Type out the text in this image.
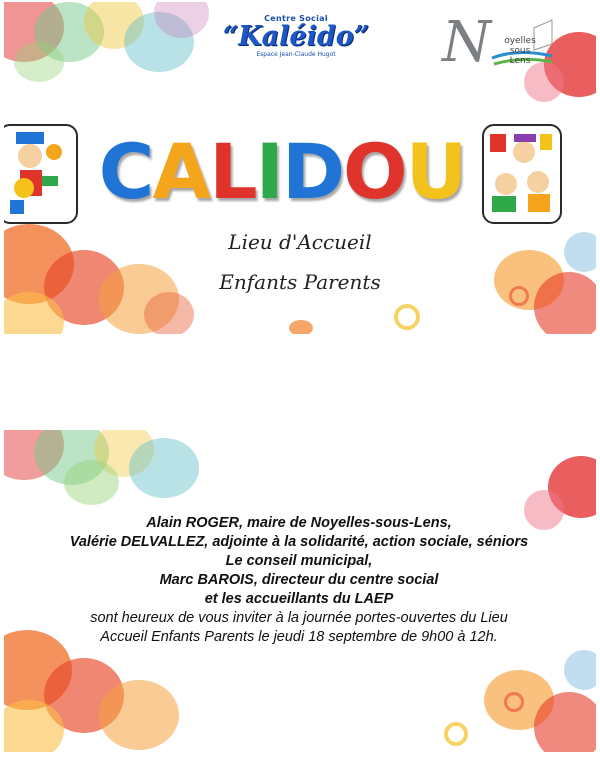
Centre Social
“Kaléido”
Espace Jean-Claude Hugot	N	oyelles
sous
Lens
CALIDOU
Lieu d'Accueil
Enfants Parents
Alain ROGER, maire de Noyelles-sous-Lens,
Valérie DELVALLEZ, adjointe à la solidarité, action sociale, séniors
Le conseil municipal,
Marc BAROIS, directeur du centre social
et les accueillants du LAEP
sont heureux de vous inviter à la journée portes-ouvertes du Lieu
Accueil Enfants Parents le jeudi 18 septembre de 9h00 à 12h.
